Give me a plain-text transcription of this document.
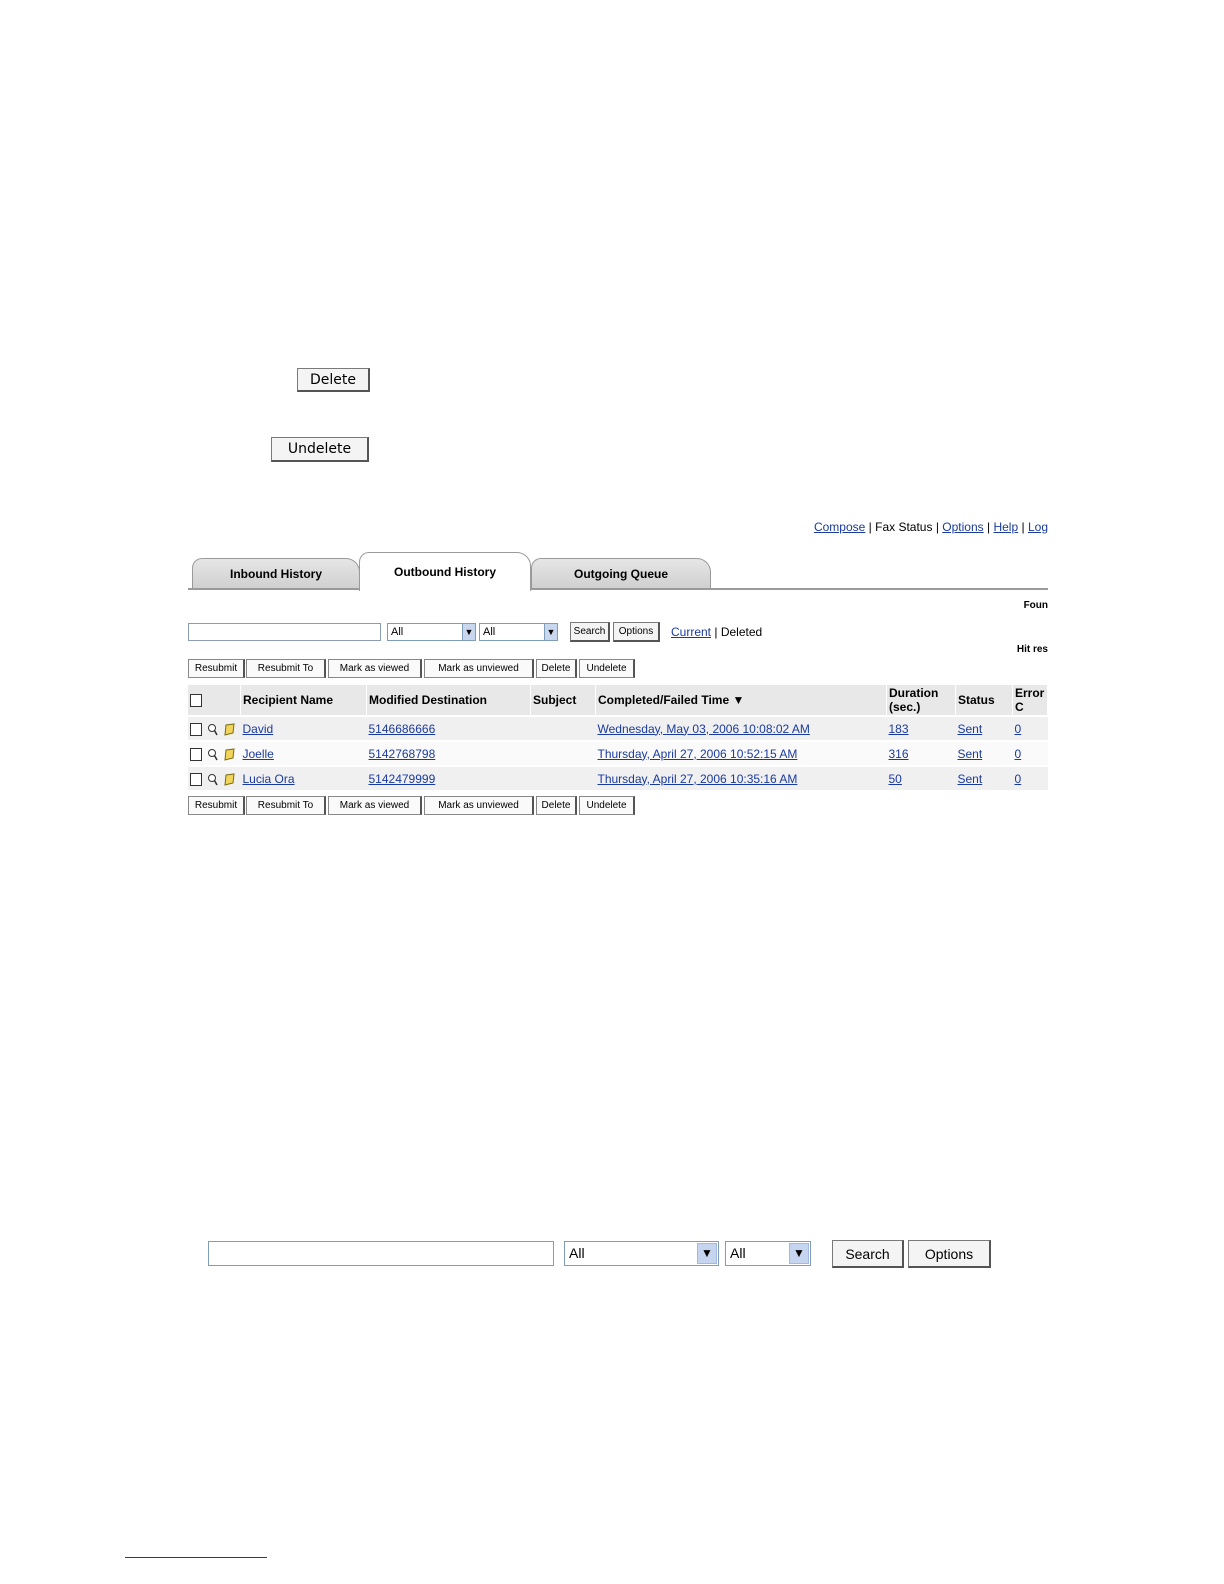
Delete
Undelete
Compose | Fax Status | Options | Help | Log
Inbound History	Outbound History	Outgoing Queue
Foun
All	▼ All	▼	Search	Options	Current | Deleted
Hit res
Resubmit	Resubmit To	Mark as viewed	Mark as unviewed	Delete	Undelete
	Recipient Name	Modified Destination	Subject	Completed/Failed Time ▼	Duration (sec.)	Status	Error C
	David	5146686666		Wednesday, May 03, 2006 10:08:02 AM	183	Sent	0
	Joelle	5142768798		Thursday, April 27, 2006 10:52:15 AM	316	Sent	0
	Lucia Ora	5142479999		Thursday, April 27, 2006 10:35:16 AM	50	Sent	0
Resubmit	Resubmit To	Mark as viewed	Mark as unviewed	Delete	Undelete
All	▼	All	▼	Search	Options
